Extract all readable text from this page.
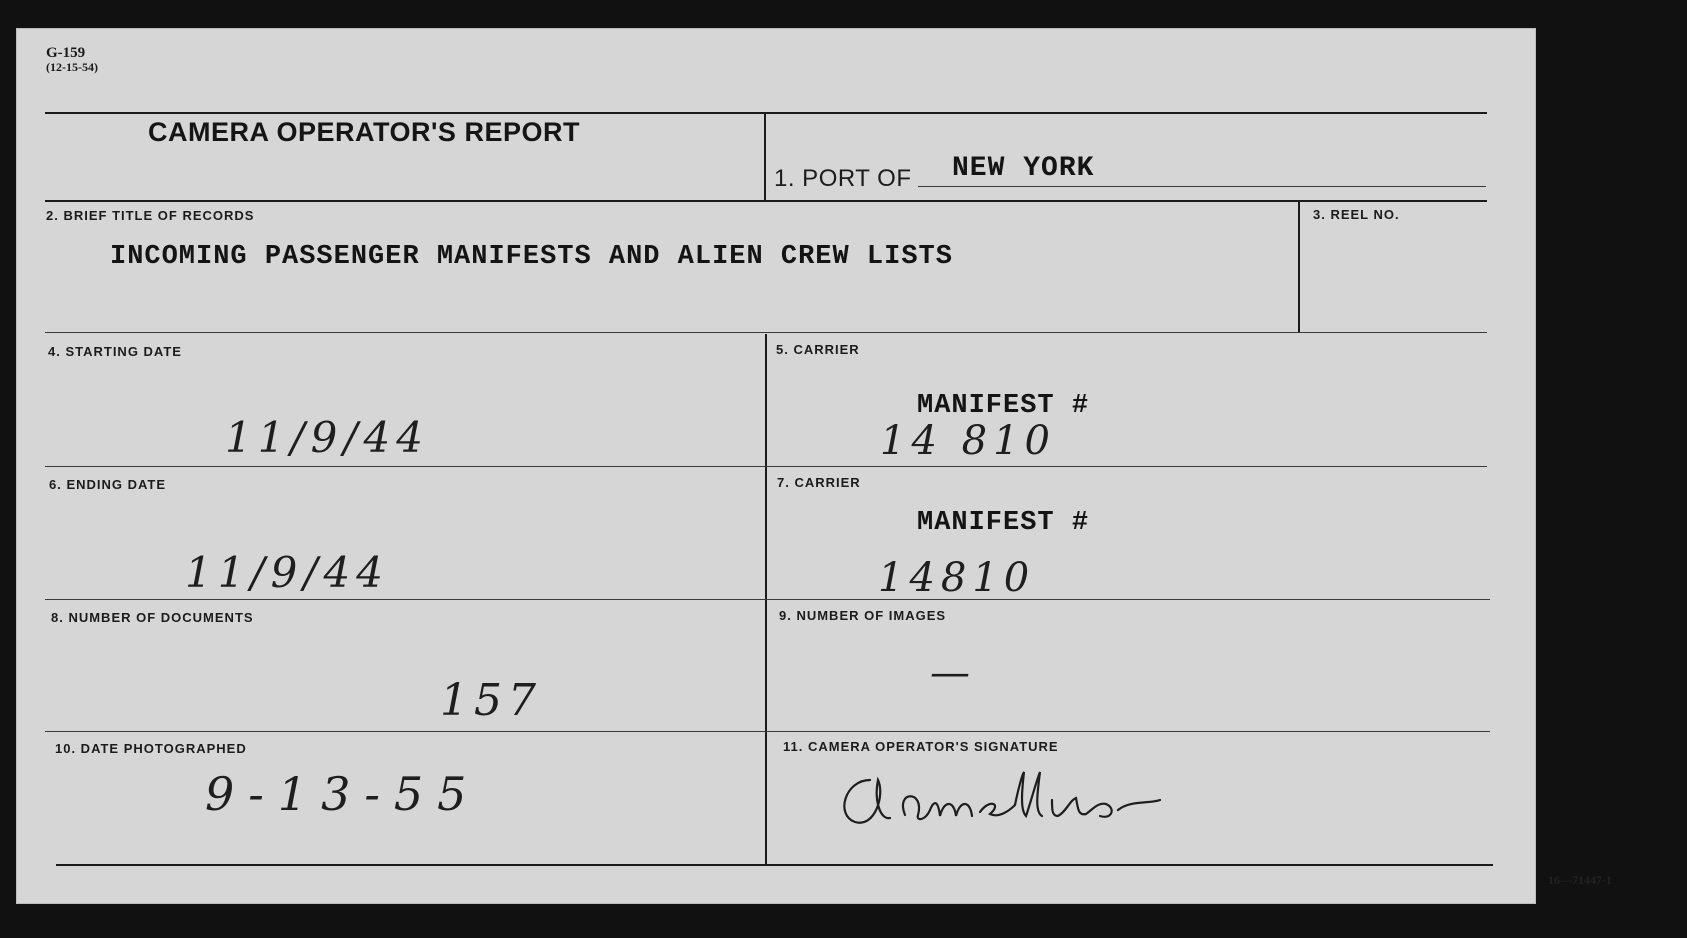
G-159
(12-15-54)
CAMERA OPERATOR'S REPORT
1. PORT OF NEW YORK
2. BRIEF TITLE OF RECORDS
INCOMING PASSENGER MANIFESTS AND ALIEN CREW LISTS
3. REEL NO.
4. STARTING DATE
11/9/44
5. CARRIER
MANIFEST #
14 810
6. ENDING DATE
11/9/44
7. CARRIER
MANIFEST #
14810
8. NUMBER OF DOCUMENTS
157
9. NUMBER OF IMAGES
—
10. DATE PHOTOGRAPHED
9-13-55
11. CAMERA OPERATOR'S SIGNATURE
16—71447-1
